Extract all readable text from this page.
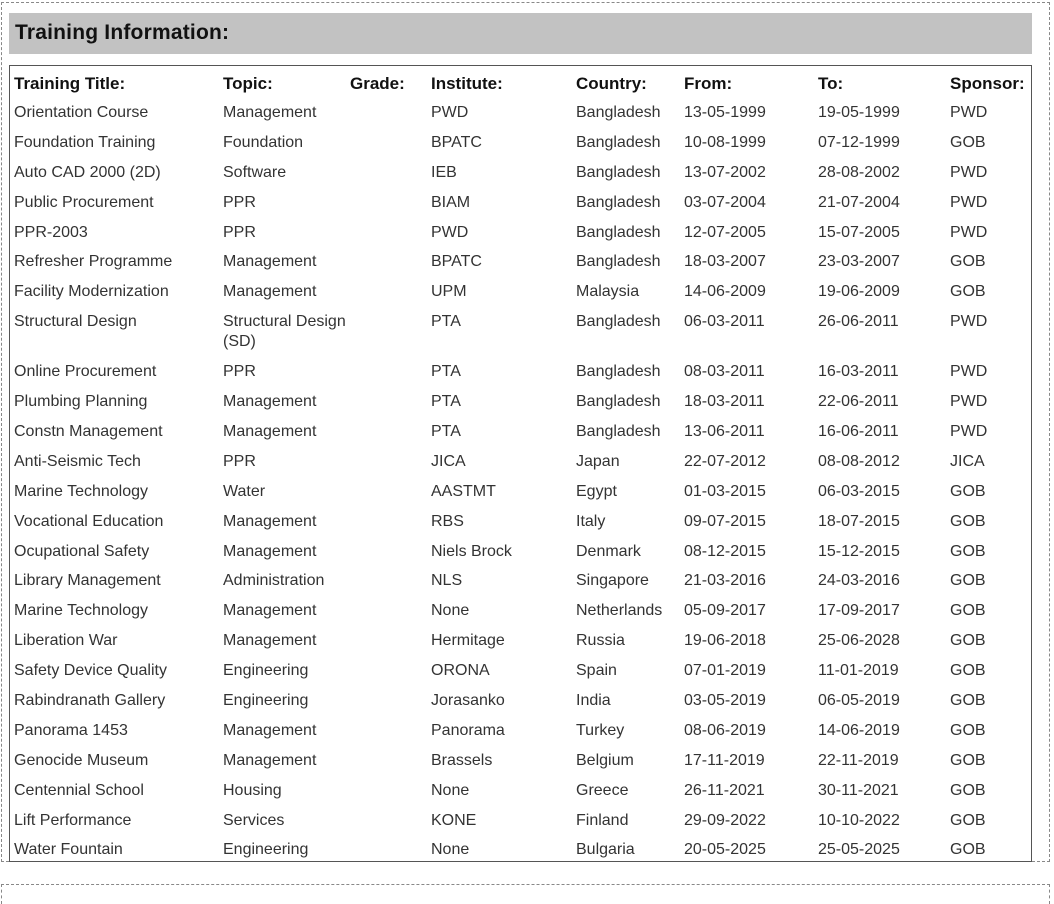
Training Information:
Training Title:	Topic:	Grade:	Institute:	Country:	From:	To:	Sponsor:
Orientation Course	Management		PWD	Bangladesh	13-05-1999	19-05-1999	PWD
Foundation Training	Foundation		BPATC	Bangladesh	10-08-1999	07-12-1999	GOB
Auto CAD 2000 (2D)	Software		IEB	Bangladesh	13-07-2002	28-08-2002	PWD
Public Procurement	PPR		BIAM	Bangladesh	03-07-2004	21-07-2004	PWD
PPR-2003	PPR		PWD	Bangladesh	12-07-2005	15-07-2005	PWD
Refresher Programme	Management		BPATC	Bangladesh	18-03-2007	23-03-2007	GOB
Facility Modernization	Management		UPM	Malaysia	14-06-2009	19-06-2009	GOB
Structural Design	Structural Design (SD)		PTA	Bangladesh	06-03-2011	26-06-2011	PWD
Online Procurement	PPR		PTA	Bangladesh	08-03-2011	16-03-2011	PWD
Plumbing Planning	Management		PTA	Bangladesh	18-03-2011	22-06-2011	PWD
Constn Management	Management		PTA	Bangladesh	13-06-2011	16-06-2011	PWD
Anti-Seismic Tech	PPR		JICA	Japan	22-07-2012	08-08-2012	JICA
Marine Technology	Water		AASTMT	Egypt	01-03-2015	06-03-2015	GOB
Vocational Education	Management		RBS	Italy	09-07-2015	18-07-2015	GOB
Ocupational Safety	Management		Niels Brock	Denmark	08-12-2015	15-12-2015	GOB
Library Management	Administration		NLS	Singapore	21-03-2016	24-03-2016	GOB
Marine Technology	Management		None	Netherlands	05-09-2017	17-09-2017	GOB
Liberation War	Management		Hermitage	Russia	19-06-2018	25-06-2028	GOB
Safety Device Quality	Engineering		ORONA	Spain	07-01-2019	11-01-2019	GOB
Rabindranath Gallery	Engineering		Jorasanko	India	03-05-2019	06-05-2019	GOB
Panorama 1453	Management		Panorama	Turkey	08-06-2019	14-06-2019	GOB
Genocide Museum	Management		Brassels	Belgium	17-11-2019	22-11-2019	GOB
Centennial School	Housing		None	Greece	26-11-2021	30-11-2021	GOB
Lift Performance	Services		KONE	Finland	29-09-2022	10-10-2022	GOB
Water Fountain	Engineering		None	Bulgaria	20-05-2025	25-05-2025	GOB
